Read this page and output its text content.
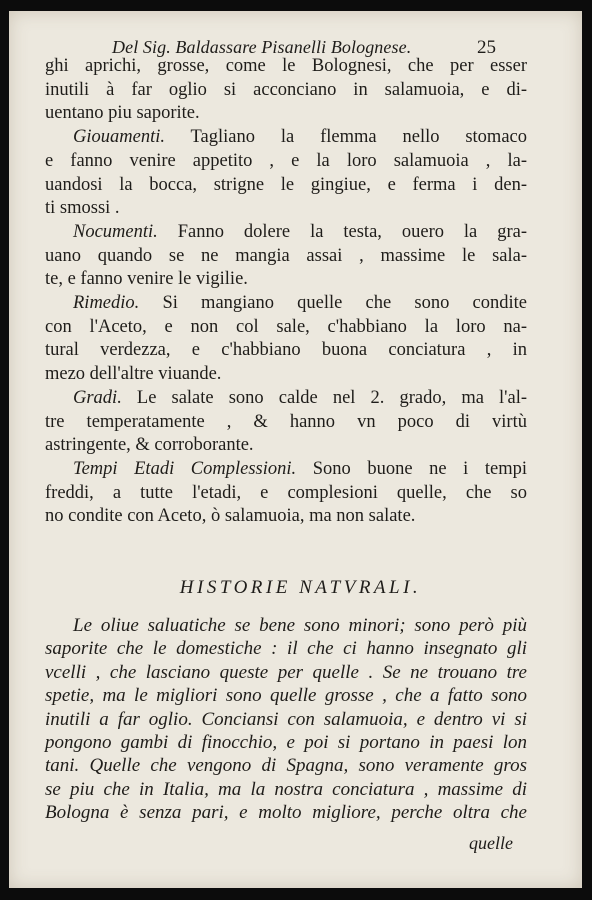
Del Sig. Baldassare Pisanelli Bolognese.	25
ghi aprichi, grosse, come le Bolognesi, che per esser
inutili à far oglio si acconciano in salamuoia, e di-
uentano piu saporite.
Giouamenti. Tagliano la flemma nello stomaco
e fanno venire appetito , e la loro salamuoia , la-
uandosi la bocca, strigne le gingiue, e ferma i den-
ti smossi .
Nocumenti. Fanno dolere la testa, ouero la gra-
uano quando se ne mangia assai , massime le sala-
te, e fanno venire le vigilie.
Rimedio. Si mangiano quelle che sono condite
con l'Aceto, e non col sale, c'habbiano la loro na-
tural verdezza, e c'habbiano buona conciatura , in
mezo dell'altre viuande.
Gradi. Le salate sono calde nel 2. grado, ma l'al-
tre temperatamente , & hanno vn poco di virtù
astringente, & corroborante.
Tempi Etadi Complessioni. Sono buone ne i tempi
freddi, a tutte l'etadi, e complesioni quelle, che so
no condite con Aceto, ò salamuoia, ma non salate.
HISTORIE NATVRALI.
Le oliue saluatiche se bene sono minori; sono però più
saporite che le domestiche : il che ci hanno insegnato gli
vcelli , che lasciano queste per quelle . Se ne trouano tre
spetie, ma le migliori sono quelle grosse , che a fatto sono
inutili a far oglio. Conciansi con salamuoia, e dentro vi si
pongono gambi di finocchio, e poi si portano in paesi lon
tani. Quelle che vengono di Spagna, sono veramente gros
se piu che in Italia, ma la nostra conciatura , massime di
Bologna è senza pari, e molto migliore, perche oltra che
quelle
